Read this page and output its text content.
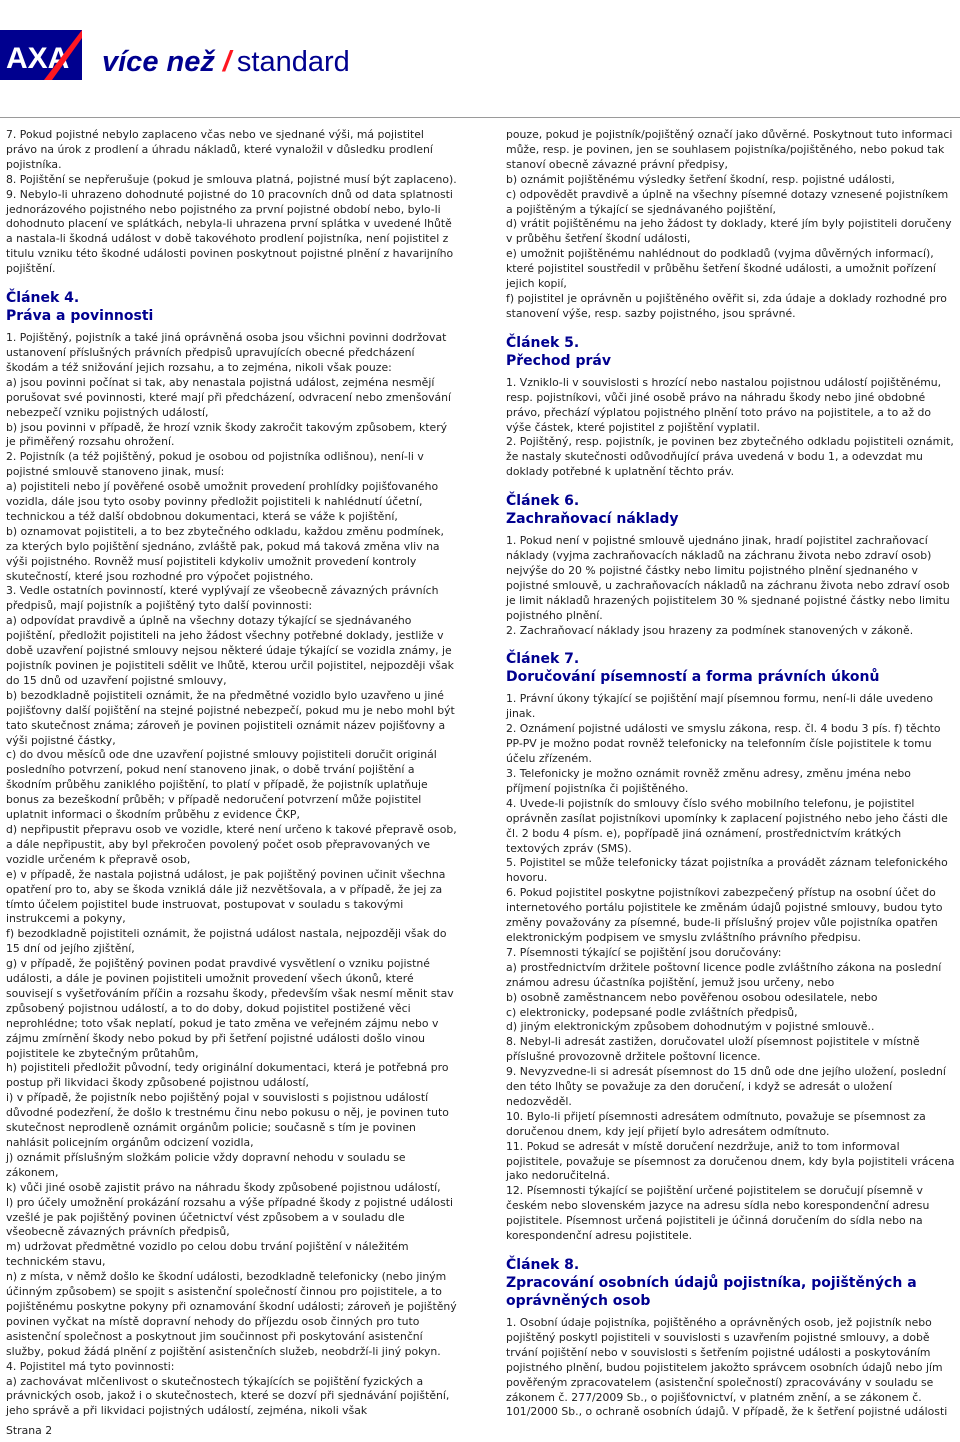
AXA více než / standard

7. Pokud pojistné nebylo zaplaceno včas nebo ve sjednané výši, má pojistitel právo na úrok z prodlení a úhradu nákladů, které vynaložil v důsledku prodlení pojistníka.

8. Pojištění se nepřerušuje (pokud je smlouva platná, pojistné musí být zaplaceno).

9. Nebylo-li uhrazeno dohodnuté pojistné do 10 pracovních dnů od data splatnosti jednorázového pojistného nebo pojistného za první pojistné období nebo, bylo-li dohodnuto placení ve splátkách, nebyla-li uhrazena první splátka v uvedené lhůtě a nastala-li škodná událost v době takovéhoto prodlení pojistníka, není pojistitel z titulu vzniku této škodné události povinen poskytnout pojistné plnění z havarijního pojištění.

Článek 4.
Práva a povinnosti

1. Pojištěný, pojistník a také jiná oprávněná osoba jsou všichni povinni dodržovat ustanovení příslušných právních předpisů upravujících obecné předcházení škodám a též snižování jejich rozsahu, a to zejména, nikoli však pouze:

a) jsou povinni počínat si tak, aby nenastala pojistná událost, zejména nesmějí porušovat své povinnosti, které mají při předcházení, odvracení nebo zmenšování nebezpečí vzniku pojistných událostí,

b) jsou povinni v případě, že hrozí vznik škody zakročit takovým způsobem, který je přiměřený rozsahu ohrožení.

2. Pojistník (a též pojištěný, pokud je osobou od pojistníka odlišnou), není-li v pojistné smlouvě stanoveno jinak, musí:

a) pojistiteli nebo jí pověřené osobě umožnit provedení prohlídky pojišťovaného vozidla, dále jsou tyto osoby povinny předložit pojistiteli k nahlédnutí účetní, technickou a též další obdobnou dokumentaci, která se váže k pojištění,

b) oznamovat pojistiteli, a to bez zbytečného odkladu, každou změnu podmínek, za kterých bylo pojištění sjednáno, zvláště pak, pokud má taková změna vliv na výši pojistného. Rovněž musí pojistiteli kdykoliv umožnit provedení kontroly skutečností, které jsou rozhodné pro výpočet pojistného.

3. Vedle ostatních povinností, které vyplývají ze všeobecně závazných právních předpisů, mají pojistník a pojištěný tyto další povinnosti:

a) odpovídat pravdivě a úplně na všechny dotazy týkající se sjednávaného pojištění, předložit pojistiteli na jeho žádost všechny potřebné doklady, jestliže v době uzavření pojistné smlouvy nejsou některé údaje týkající se vozidla známy, je pojistník povinen je pojistiteli sdělit ve lhůtě, kterou určil pojistitel, nejpozději však do 15 dnů od uzavření pojistné smlouvy,

b) bezodkladně pojistiteli oznámit, že na předmětné vozidlo bylo uzavřeno u jiné pojišťovny další pojištění na stejné pojistné nebezpečí, pokud mu je nebo mohl být tato skutečnost známa; zároveň je povinen pojistiteli oznámit název pojišťovny a výši pojistné částky,

c) do dvou měsíců ode dne uzavření pojistné smlouvy pojistiteli doručit originál posledního potvrzení, pokud není stanoveno jinak, o době trvání pojištění a škodním průběhu zaniklého pojištění, to platí v případě, že pojistník uplatňuje bonus za bezeškodní průběh; v případě nedoručení potvrzení může pojistitel uplatnit informaci o škodním průběhu z evidence ČKP,

d) nepřipustit přepravu osob ve vozidle, které není určeno k takové přepravě osob, a dále nepřipustit, aby byl překročen povolený počet osob přepravovaných ve vozidle určeném k přepravě osob,

e) v případě, že nastala pojistná událost, je pak pojištěný povinen učinit všechna opatření pro to, aby se škoda vzniklá dále již nezvětšovala, a v případě, že jej za tímto účelem pojistitel bude instruovat, postupovat v souladu s takovými instrukcemi a pokyny,

f) bezodkladně pojistiteli oznámit, že pojistná událost nastala, nejpozději však do 15 dní od jejího zjištění,

g) v případě, že pojištěný povinen podat pravdivé vysvětlení o vzniku pojistné události, a dále je povinen pojistiteli umožnit provedení všech úkonů, které souvisejí s vyšetřováním příčin a rozsahu škody, především však nesmí měnit stav způsobený pojistnou událostí, a to do doby, dokud pojistitel postižené věci neprohlédne; toto však neplatí, pokud je tato změna ve veřejném zájmu nebo v zájmu zmírnění škody nebo pokud by při šetření pojistné události došlo vinou pojistitele ke zbytečným průtahům,

h) pojistiteli předložit původní, tedy originální dokumentaci, která je potřebná pro postup při likvidaci škody způsobené pojistnou událostí,

i) v případě, že pojistník nebo pojištěný pojal v souvislosti s pojistnou událostí důvodné podezření, že došlo k trestnému činu nebo pokusu o něj, je povinen tuto skutečnost neprodleně oznámit orgánům policie; současně s tím je povinen nahlásit policejním orgánům odcizení vozidla,

j) oznámit příslušným složkám policie vždy dopravní nehodu v souladu se zákonem,

k) vůči jiné osobě zajistit právo na náhradu škody způsobené pojistnou událostí,

l) pro účely umožnění prokázání rozsahu a výše případné škody z pojistné události vzešlé je pak pojištěný povinen účetnictví vést způsobem a v souladu dle všeobecně závazných právních předpisů,

m) udržovat předmětné vozidlo po celou dobu trvání pojištění v náležitém technickém stavu,

n) z místa, v němž došlo ke škodní události, bezodkladně telefonicky (nebo jiným účinným způsobem) se spojit s asistenční společností činnou pro pojistitele, a to pojištěnému poskytne pokyny při oznamování škodní události; zároveň je pojištěný povinen vyčkat na místě dopravní nehody do příjezdu osob činných pro tuto asistenční společnost a poskytnout jim součinnost při poskytování asistenční služby, pokud žádá plnění z pojištění asistenčních služeb, neobdrží-li jiný pokyn.

4. Pojistitel má tyto povinnosti:

a) zachovávat mlčenlivost o skutečnostech týkajících se pojištění fyzických a právnických osob, jakož i o skutečnostech, které se dozví při sjednávání pojištění, jeho správě a při likvidaci pojistných událostí, zejména, nikoli však

pouze, pokud je pojistník/pojištěný označí jako důvěrné. Poskytnout tuto informaci může, resp. je povinen, jen se souhlasem pojistníka/pojištěného, nebo pokud tak stanoví obecně závazné právní předpisy,

b) oznámit pojištěnému výsledky šetření škodní, resp. pojistné události,

c) odpovědět pravdivě a úplně na všechny písemné dotazy vznesené pojistníkem a pojištěným a týkající se sjednávaného pojištění,

d) vrátit pojištěnému na jeho žádost ty doklady, které jím byly pojistiteli doručeny v průběhu šetření škodní události,

e) umožnit pojištěnému nahlédnout do podkladů (vyjma důvěrných informací), které pojistitel soustředil v průběhu šetření škodné události, a umožnit pořízení jejich kopií,

f) pojistitel je oprávněn u pojištěného ověřit si, zda údaje a doklady rozhodné pro stanovení výše, resp. sazby pojistného, jsou správné.

Článek 5.
Přechod práv

1. Vzniklo-li v souvislosti s hrozící nebo nastalou pojistnou událostí pojištěnému, resp. pojistníkovi, vůči jiné osobě právo na náhradu škody nebo jiné obdobné právo, přechází výplatou pojistného plnění toto právo na pojistitele, a to až do výše částek, které pojistitel z pojištění vyplatil.

2. Pojištěný, resp. pojistník, je povinen bez zbytečného odkladu pojistiteli oznámit, že nastaly skutečnosti odůvodňující práva uvedená v bodu 1, a odevzdat mu doklady potřebné k uplatnění těchto práv.

Článek 6.
Zachraňovací náklady

1. Pokud není v pojistné smlouvě ujednáno jinak, hradí pojistitel zachraňovací náklady (vyjma zachraňovacích nákladů na záchranu života nebo zdraví osob) nejvýše do 20 % pojistné částky nebo limitu pojistného plnění sjednaného v pojistné smlouvě, u zachraňovacích nákladů na záchranu života nebo zdraví osob je limit nákladů hrazených pojistitelem 30 % sjednané pojistné částky nebo limitu pojistného plnění.

2. Zachraňovací náklady jsou hrazeny za podmínek stanovených v zákoně.

Článek 7.
Doručování písemností a forma právních úkonů

1. Právní úkony týkající se pojištění mají písemnou formu, není-li dále uvedeno jinak.

2. Oznámení pojistné události ve smyslu zákona, resp. čl. 4 bodu 3 pís. f) těchto PP-PV je možno podat rovněž telefonicky na telefonním čísle pojistitele k tomu účelu zřízeném.

3. Telefonicky je možno oznámit rovněž změnu adresy, změnu jména nebo příjmení pojistníka či pojištěného.

4. Uvede-li pojistník do smlouvy číslo svého mobilního telefonu, je pojistitel oprávněn zasílat pojistníkovi upomínky k zaplacení pojistného nebo jeho části dle čl. 2 bodu 4 písm. e), popřípadě jiná oznámení, prostřednictvím krátkých textových zpráv (SMS).

5. Pojistitel se může telefonicky tázat pojistníka a provádět záznam telefonického hovoru.

6. Pokud pojistitel poskytne pojistníkovi zabezpečený přístup na osobní účet do internetového portálu pojistitele ke změnám údajů pojistné smlouvy, budou tyto změny považovány za písemné, bude-li příslušný projev vůle pojistníka opatřen elektronickým podpisem ve smyslu zvláštního právního předpisu.

7. Písemnosti týkající se pojištění jsou doručovány:

a) prostřednictvím držitele poštovní licence podle zvláštního zákona na poslední známou adresu účastníka pojištění, jemuž jsou určeny, nebo

b) osobně zaměstnancem nebo pověřenou osobou odesilatele, nebo

c) elektronicky, podepsané podle zvláštních předpisů,

d) jiným elektronickým způsobem dohodnutým v pojistné smlouvě..

8. Nebyl-li adresát zastižen, doručovatel uloží písemnost pojistitele v místně příslušné provozovně držitele poštovní licence.

9. Nevyzvedne-li si adresát písemnost do 15 dnů ode dne jejího uložení, poslední den této lhůty se považuje za den doručení, i když se adresát o uložení nedozvěděl.

10. Bylo-li přijetí písemnosti adresátem odmítnuto, považuje se písemnost za doručenou dnem, kdy její přijetí bylo adresátem odmítnuto.

11. Pokud se adresát v místě doručení nezdržuje, aniž to tom informoval pojistitele, považuje se písemnost za doručenou dnem, kdy byla pojistiteli vrácena jako nedoručitelná.

12. Písemnosti týkající se pojištění určené pojistitelem se doručují písemně v českém nebo slovenském jazyce na adresu sídla nebo korespondenční adresu pojistitele. Písemnost určená pojistiteli je účinná doručením do sídla nebo na korespondenční adresu pojistitele.

Článek 8.
Zpracování osobních údajů pojistníka, pojištěných a oprávněných osob

1. Osobní údaje pojistníka, pojištěného a oprávněných osob, jež pojistník nebo pojištěný poskytl pojistiteli v souvislosti s uzavřením pojistné smlouvy, a době trvání pojištění nebo v souvislosti s šetřením pojistné události a poskytováním pojistného plnění, budou pojistitelem jakožto správcem osobních údajů nebo jím pověřeným zpracovatelem (asistenční společností) zpracovávány v souladu se zákonem č. 277/2009 Sb., o pojišťovnictví, v platném znění, a se zákonem č. 101/2000 Sb., o ochraně osobních údajů. V případě, že k šetření pojistné události

Strana 2
